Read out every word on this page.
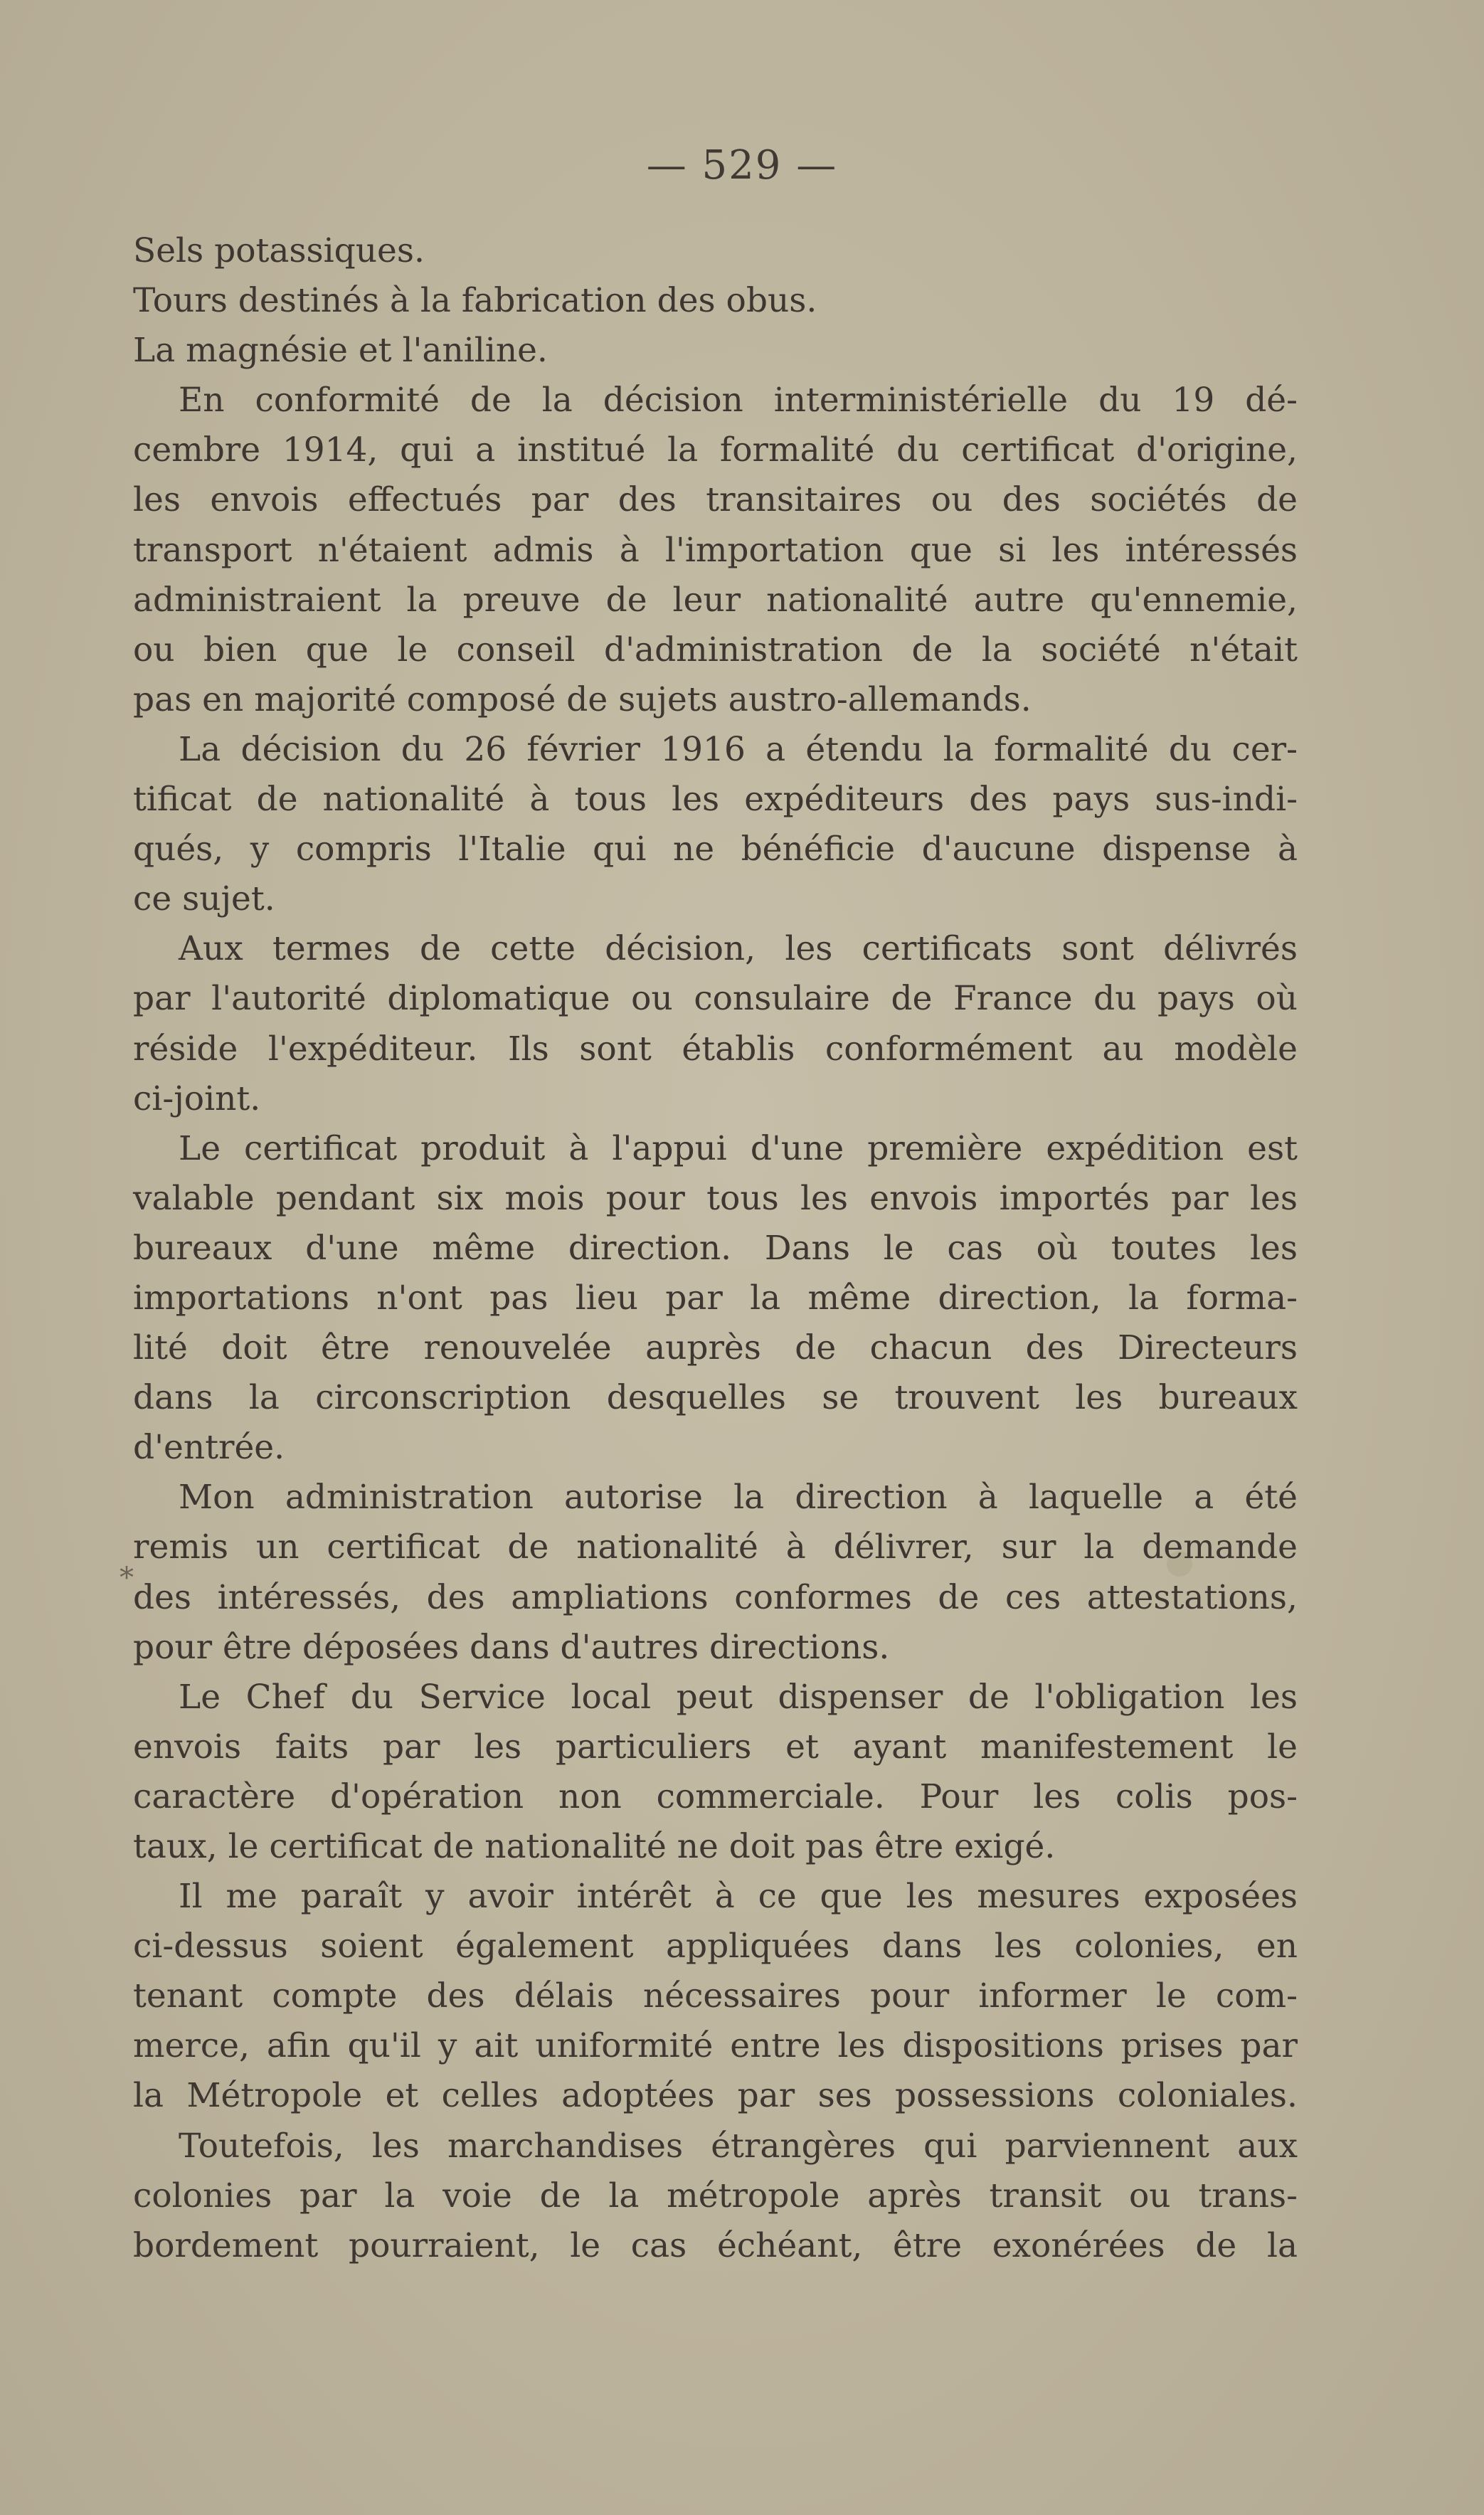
*
— 529 —
Sels potassiques.
Tours destinés à la fabrication des obus.
La magnésie et l'aniline.
En conformité de la décision interministérielle du 19 dé-
cembre 1914, qui a institué la formalité du certificat d'origine,
les envois effectués par des transitaires ou des sociétés de
transport n'étaient admis à l'importation que si les intéressés
administraient la preuve de leur nationalité autre qu'ennemie,
ou bien que le conseil d'administration de la société n'était
pas en majorité composé de sujets austro-allemands.
La décision du 26 février 1916 a étendu la formalité du cer-
tificat de nationalité à tous les expéditeurs des pays sus-indi-
qués, y compris l'Italie qui ne bénéficie d'aucune dispense à
ce sujet.
Aux termes de cette décision, les certificats sont délivrés
par l'autorité diplomatique ou consulaire de France du pays où
réside l'expéditeur. Ils sont établis conformément au modèle
ci-joint.
Le certificat produit à l'appui d'une première expédition est
valable pendant six mois pour tous les envois importés par les
bureaux d'une même direction. Dans le cas où toutes les
importations n'ont pas lieu par la même direction, la forma-
lité doit être renouvelée auprès de chacun des Directeurs
dans la circonscription desquelles se trouvent les bureaux
d'entrée.
Mon administration autorise la direction à laquelle a été
remis un certificat de nationalité à délivrer, sur la demande
des intéressés, des ampliations conformes de ces attestations,
pour être déposées dans d'autres directions.
Le Chef du Service local peut dispenser de l'obligation les
envois faits par les particuliers et ayant manifestement le
caractère d'opération non commerciale. Pour les colis pos-
taux, le certificat de nationalité ne doit pas être exigé.
Il me paraît y avoir intérêt à ce que les mesures exposées
ci-dessus soient également appliquées dans les colonies, en
tenant compte des délais nécessaires pour informer le com-
merce, afin qu'il y ait uniformité entre les dispositions prises par
la Métropole et celles adoptées par ses possessions coloniales.
Toutefois, les marchandises étrangères qui parviennent aux
colonies par la voie de la métropole après transit ou trans-
bordement pourraient, le cas échéant, être exonérées de la
